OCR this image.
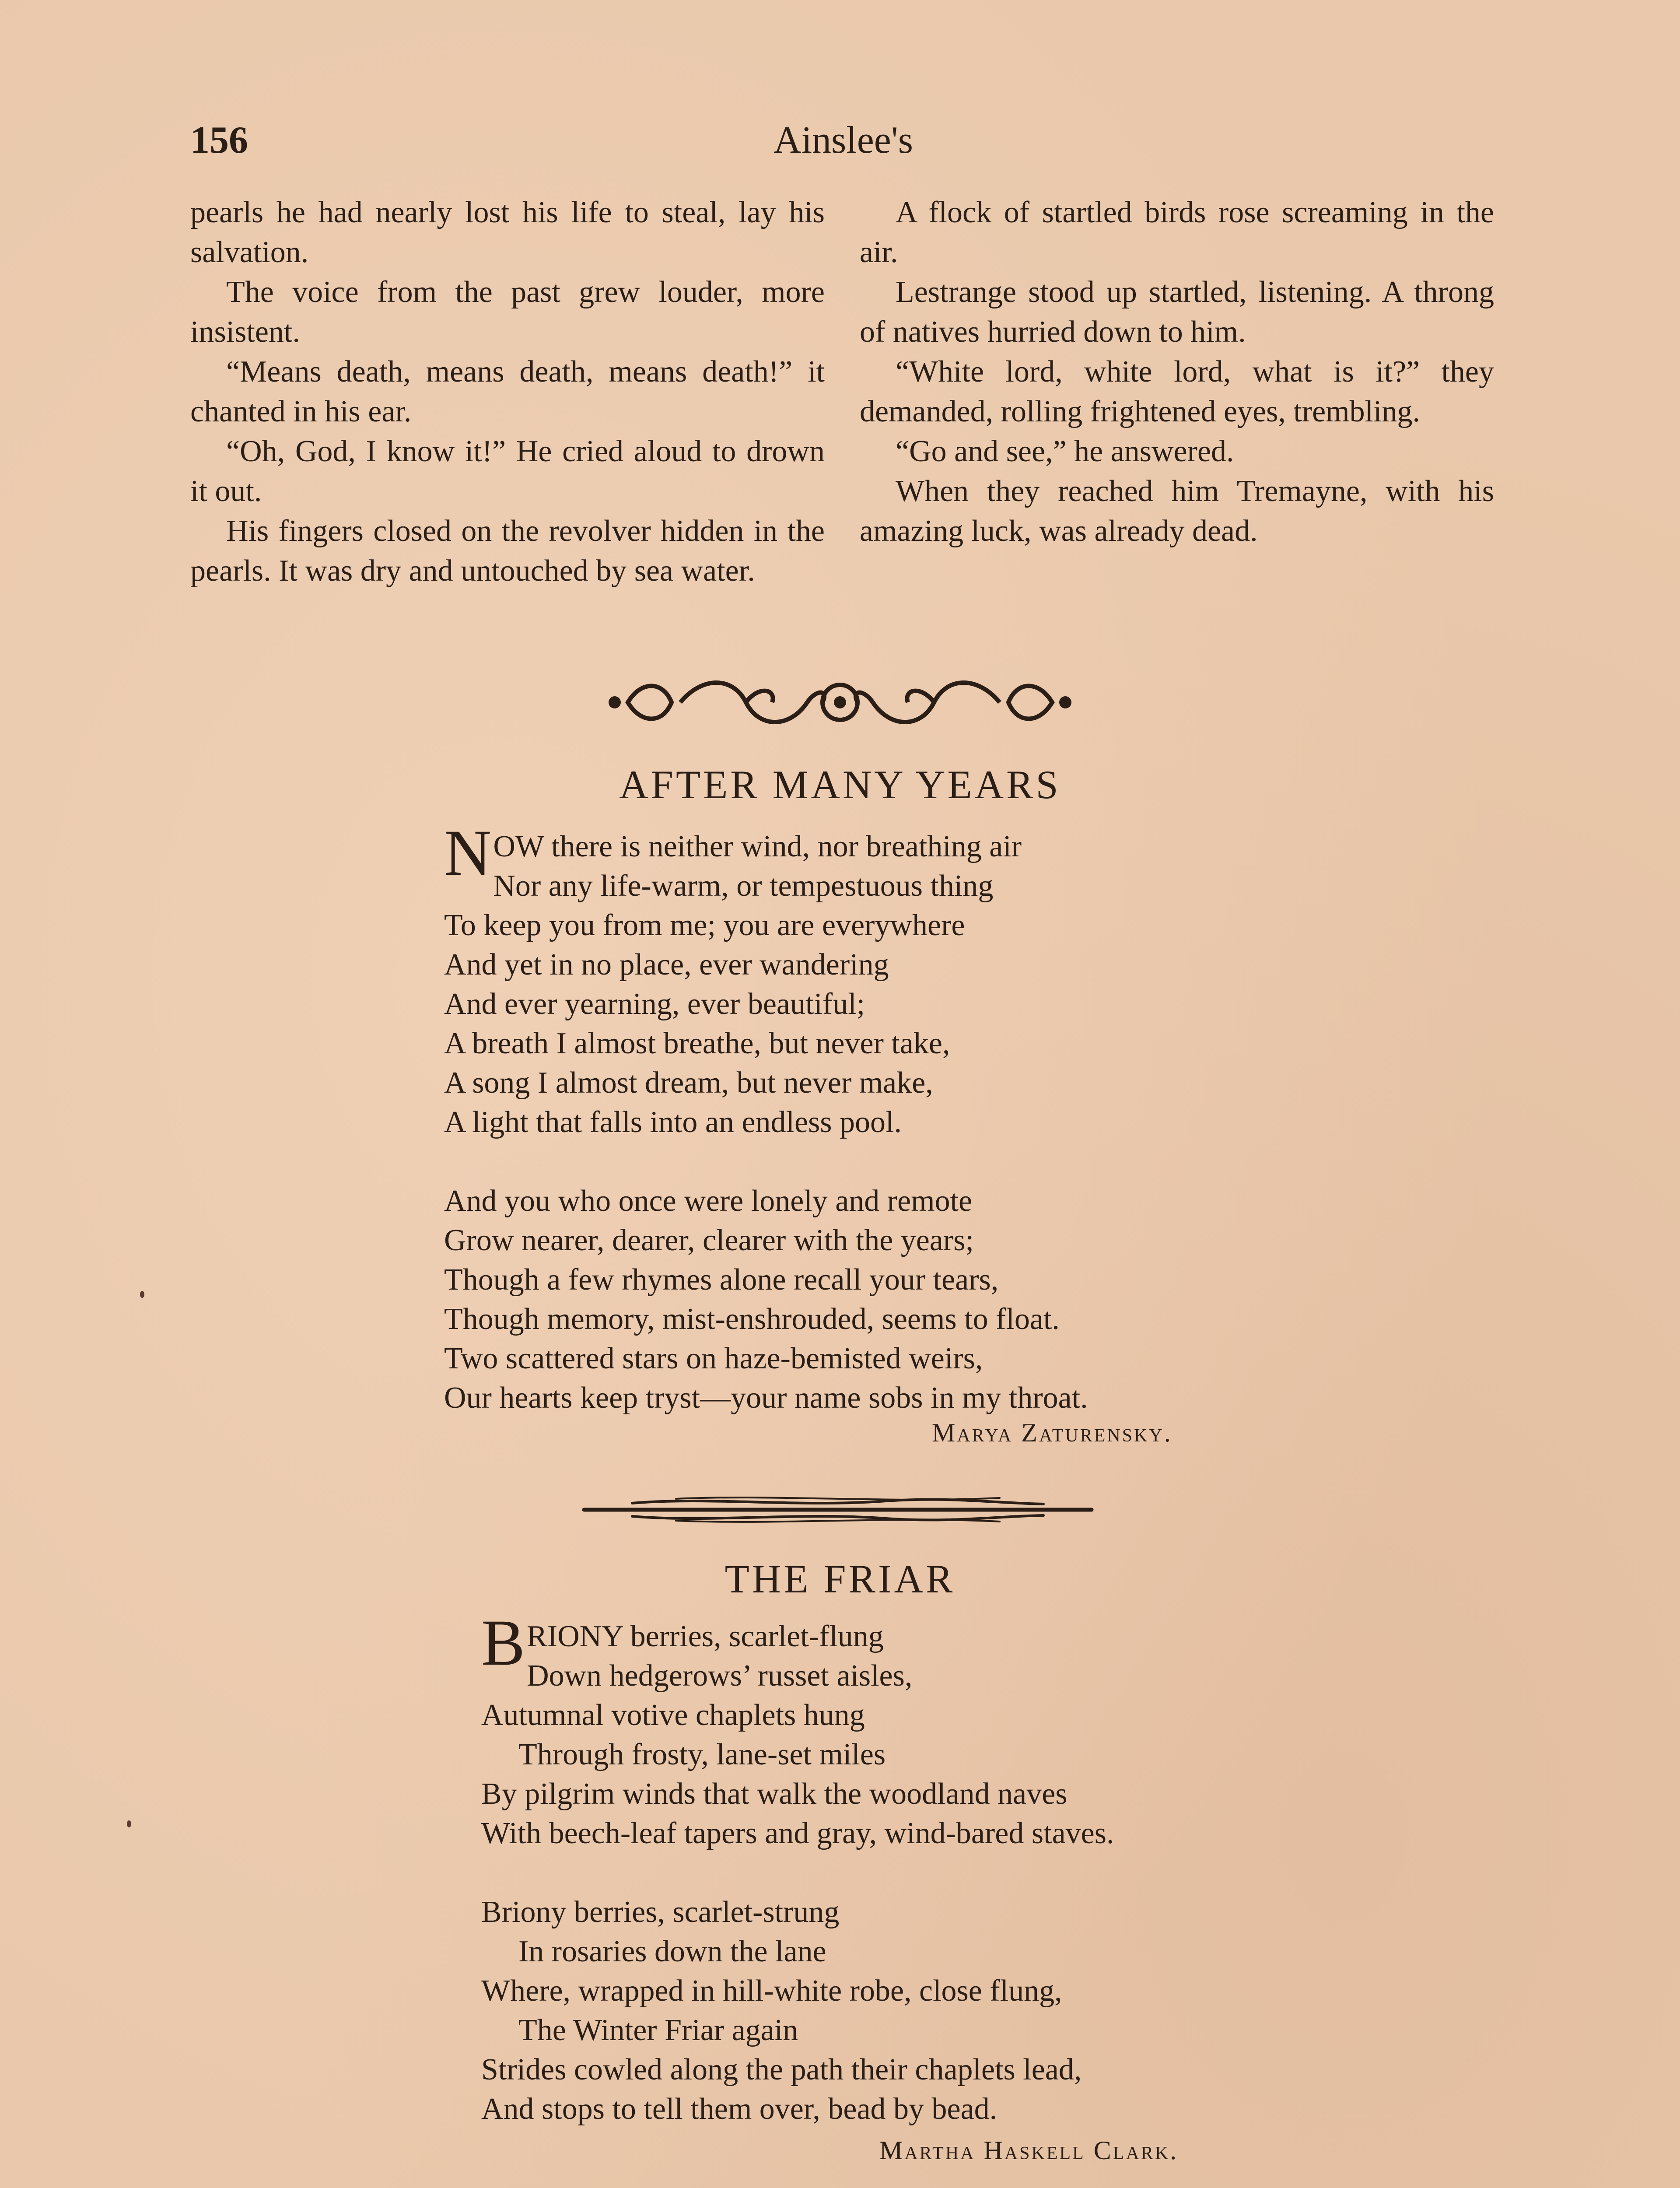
156	Ainslee's

pearls he had nearly lost his life to steal, lay his salvation.

The voice from the past grew louder, more insistent.

“Means death, means death, means death!” it chanted in his ear.

“Oh, God, I know it!” He cried aloud to drown it out.

His fingers closed on the revolver hidden in the pearls. It was dry and untouched by sea water.

A flock of startled birds rose screaming in the air.

Lestrange stood up startled, listening. A throng of natives hurried down to him.

“White lord, white lord, what is it?” they demanded, rolling frightened eyes, trembling.

“Go and see,” he answered.

When they reached him Tremayne, with his amazing luck, was already dead.

AFTER MANY YEARS
N OW there is neither wind, nor breathing air
Nor any life-warm, or tempestuous thing
To keep you from me; you are everywhere
And yet in no place, ever wandering
And ever yearning, ever beautiful;
A breath I almost breathe, but never take,
A song I almost dream, but never make,
A light that falls into an endless pool.
And you who once were lonely and remote
Grow nearer, dearer, clearer with the years;
Though a few rhymes alone recall your tears,
Though memory, mist-enshrouded, seems to float.
Two scattered stars on haze-bemisted weirs,
Our hearts keep tryst—your name sobs in my throat.
Marya Zaturensky.
THE FRIAR
B RIONY berries, scarlet-flung
Down hedgerows’ russet aisles,
Autumnal votive chaplets hung
Through frosty, lane-set miles
By pilgrim winds that walk the woodland naves
With beech-leaf tapers and gray, wind-bared staves.
Briony berries, scarlet-strung
In rosaries down the lane
Where, wrapped in hill-white robe, close flung,
The Winter Friar again
Strides cowled along the path their chaplets lead,
And stops to tell them over, bead by bead.
Martha Haskell Clark.
